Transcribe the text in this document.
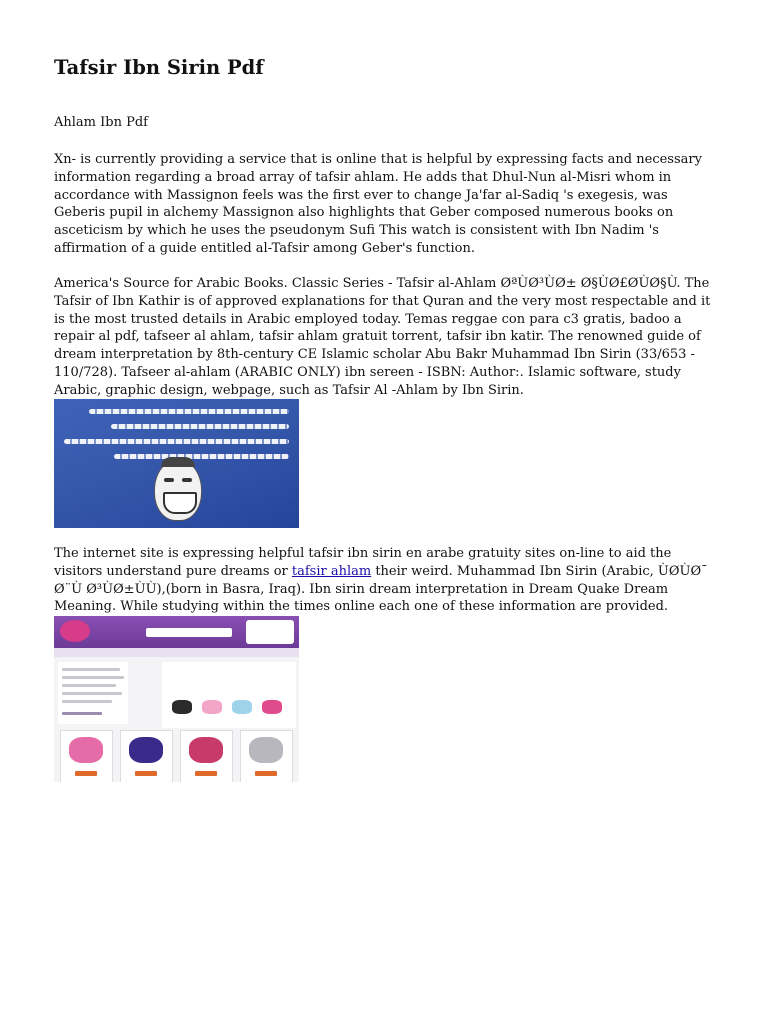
Tafsir Ibn Sirin Pdf
Ahlam Ibn Pdf

Xn- is currently providing a service that is online that is helpful by expressing facts and necessary information regarding a broad array of tafsir ahlam. He adds that Dhul-Nun al-Misri whom in accordance with Massignon feels was the first ever to change Ja'far al-Sadiq 's exegesis, was Geberis pupil in alchemy Massignon also highlights that Geber composed numerous books on asceticism by which he uses the pseudonym Sufi This watch is consistent with Ibn Nadim 's affirmation of a guide entitled al-Tafsir among Geber's function.

America's Source for Arabic Books. Classic Series - Tafsir al-Ahlam ØªÙØ³ÙØ± Ø§ÙØ£ØÙØ§Ù. The Tafsir of Ibn Kathir is of approved explanations for that Quran and the very most respectable and it is the most trusted details in Arabic employed today. Temas reggae con para c3 gratis, badoo a repair al pdf, tafseer al ahlam, tafsir ahlam gratuit torrent, tafsir ibn katir. The renowned guide of dream interpretation by 8th-century CE Islamic scholar Abu Bakr Muhammad Ibn Sirin (33/653 - 110/728). Tafseer al-ahlam (ARABIC ONLY) ibn sereen - ISBN: Author:. Islamic software, study Arabic, graphic design, webpage, such as Tafsir Al -Ahlam by Ibn Sirin.

The internet site is expressing helpful tafsir ibn sirin en arabe gratuity sites on-line to aid the visitors understand pure dreams or tafsir ahlam their weird. Muhammad Ibn Sirin (Arabic, ÙØÙØ¯ Ø¨Ù Ø³ÙØ±ÙÙ),(born in Basra, Iraq). Ibn sirin dream interpretation in Dream Quake Dream Meaning. While studying within the times online each one of these information are provided.
